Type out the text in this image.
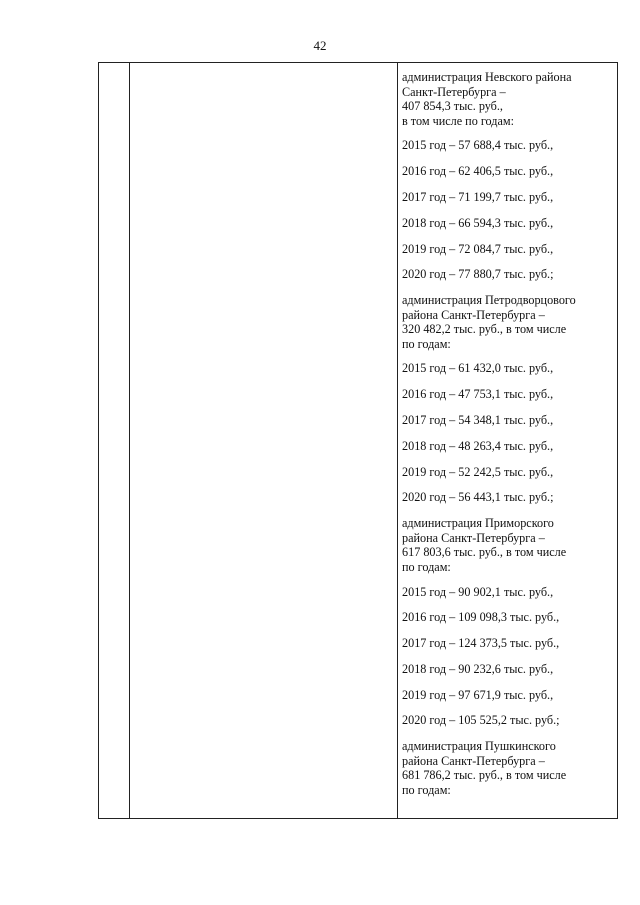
42
администрация Невского района
Санкт-Петербурга –
407 854,3 тыс. руб.,
в том числе по годам:
2015 год – 57 688,4 тыс. руб.,
2016 год – 62 406,5 тыс. руб.,
2017 год – 71 199,7 тыс. руб.,
2018 год – 66 594,3 тыс. руб.,
2019 год – 72 084,7 тыс. руб.,
2020 год – 77 880,7 тыс. руб.;
администрация Петродворцового
района Санкт-Петербурга –
320 482,2 тыс. руб., в том числе
по годам:
2015 год – 61 432,0 тыс. руб.,
2016 год – 47 753,1 тыс. руб.,
2017 год – 54 348,1 тыс. руб.,
2018 год – 48 263,4 тыс. руб.,
2019 год – 52 242,5 тыс. руб.,
2020 год – 56 443,1 тыс. руб.;
администрация Приморского
района Санкт-Петербурга –
617 803,6 тыс. руб., в том числе
по годам:
2015 год – 90 902,1 тыс. руб.,
2016 год – 109 098,3 тыс. руб.,
2017 год – 124 373,5 тыс. руб.,
2018 год – 90 232,6 тыс. руб.,
2019 год – 97 671,9 тыс. руб.,
2020 год – 105 525,2 тыс. руб.;
администрация Пушкинского
района Санкт-Петербурга –
681 786,2 тыс. руб., в том числе
по годам:
